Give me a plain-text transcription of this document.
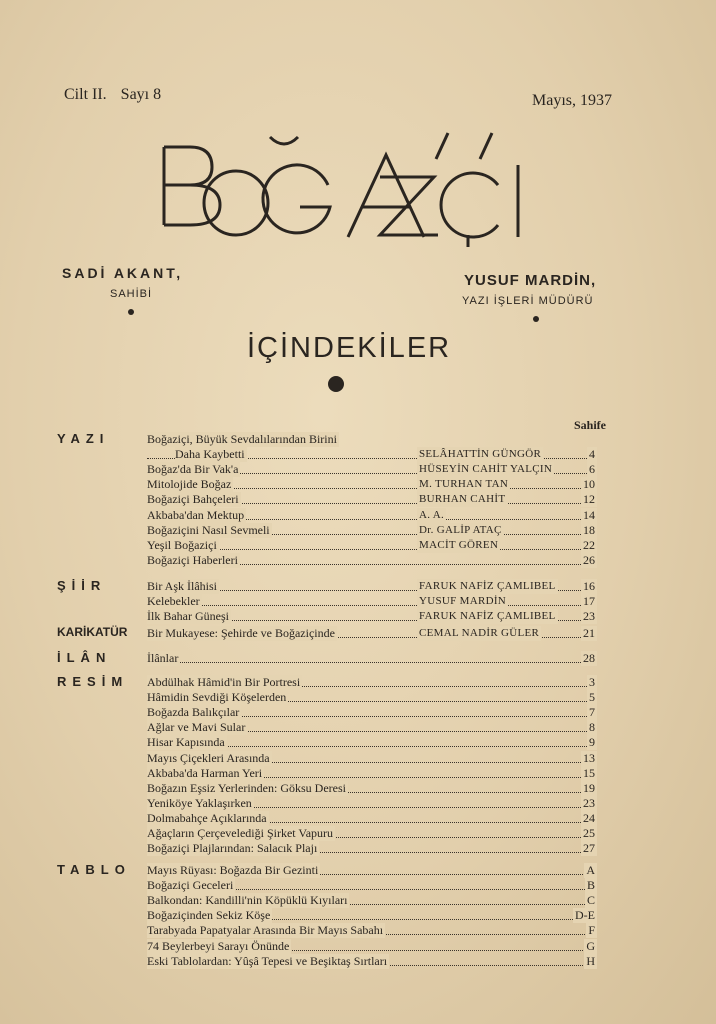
Cilt II. Sayı 8	Mayıs, 1937
SADİ AKANT,
SAHİBİ
YUSUF MARDİN,
YAZI İŞLERİ MÜDÜRÜ
İÇİNDEKİLER
Sahife
YAZI	Boğaziçi, Büyük Sevdalılarından Birini
Daha Kaybetti	SELÂHATTİN GÜNGÖR	4
Boğaz'da Bir Vak'a	HÜSEYİN CAHİT YALÇIN	6
Mitolojide Boğaz	M. TURHAN TAN	10
Boğaziçi Bahçeleri	BURHAN CAHİT	12
Akbaba'dan Mektup	A. A.	14
Boğaziçini Nasıl Sevmeli	Dr. GALİP ATAÇ	18
Yeşil Boğaziçi	MACİT GÖREN	22
Boğaziçi Haberleri	26
ŞİİR	Bir Aşk İlâhisi	FARUK NAFİZ ÇAMLIBEL 16
Kelebekler	YUSUF MARDİN	17
İlk Bahar Güneşi	FARUK NAFİZ ÇAMLIBEL 23
KARİKATÜR Bir Mukayese: Şehirde ve Boğaziçinde	CEMAL NADİR GÜLER	21
İLÂN	İlânlar	28
RESİM Abdülhak Hâmid'in Bir Portresi	3
Hâmidin Sevdiği Köşelerden	5
Boğazda Balıkçılar	7
Ağlar ve Mavi Sular	8
Hisar Kapısında	9
Mayıs Çiçekleri Arasında	13
Akbaba'da Harman Yeri	15
Boğazın Eşsiz Yerlerinden: Göksu Deresi	19
Yeniköye Yaklaşırken	23
Dolmabahçe Açıklarında	24
Ağaçların Çerçevelediği Şirket Vapuru	25
Boğaziçi Plajlarından: Salacık Plajı	27
TABLO Mayıs Rüyası: Boğazda Bir Gezinti	A
Boğaziçi Geceleri	B
Balkondan: Kandilli'nin Köpüklü Kıyıları	C
Boğaziçinden Sekiz Köşe	D-E
Tarabyada Papatyalar Arasında Bir Mayıs Sabahı	F
74 Beylerbeyi Sarayı Önünde	G
Eski Tablolardan: Yûşâ Tepesi ve Beşiktaş Sırtları	H
